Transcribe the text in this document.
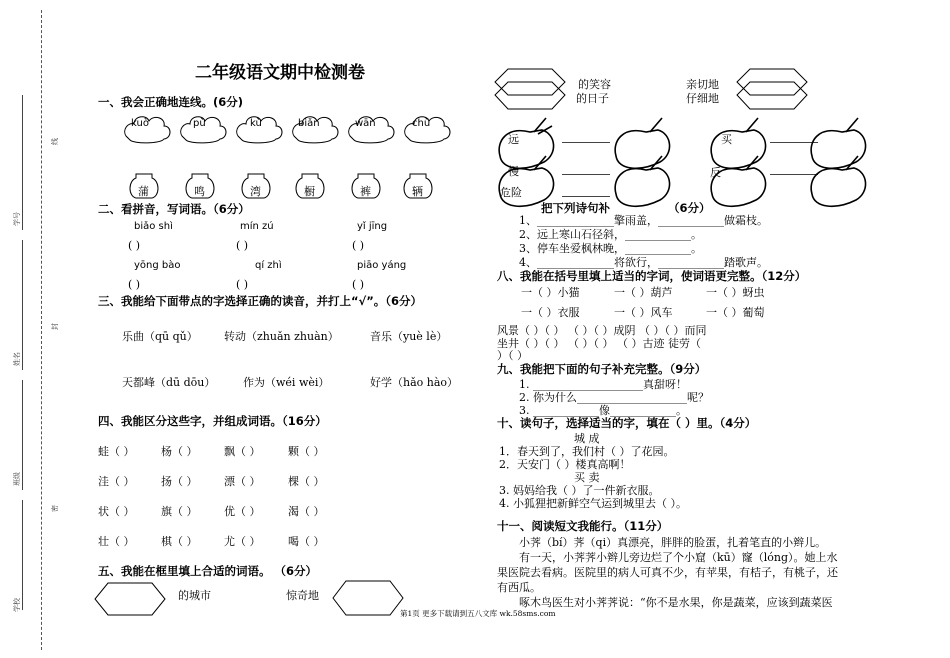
学号
姓名
班级
学校
线
封
密
二年级语文期中检测卷
一、我会正确地连线。(6分)
kuò	pù	kù	biǎn	wān	chū
蒲	鸣	湾	橱	裤	辆
二、看拼音，写词语。（6分）
biǎo shì	mín zú	yǐ jīng
( )	( )	( )
yōng bào	qí zhì	piāo yáng
( )	( )	( )
三、我能给下面带点的字选择正确的读音，并打上“√”。（6分）
乐曲（qū qǔ） 转动（zhuǎn zhuàn）	音乐（yuè lè）
天都峰（dū dōu）	作为（wéi wèi）	好学（hǎo hào）
四、我能区分这些字，并组成词语。（16分）
蛙（ ） 杨（ ） 飘（ ）	颗（ ）
洼（ ） 扬（ ） 漂（ ）	棵（ ）
状（ ） 旗（ ） 优（ ）	渴（ ）
壮（ ） 棋（ ） 尤（ ）	喝（ ）
五、我能在框里填上合适的词语。 （6分）
的城市	惊奇地
的笑容	亲切地
的日子	仔细地
远
慢
危险
买
反
把下列诗句补	（6分）
1、______________擎雨盖，____________做霜枝。
2、远上寒山石径斜，____________。
3、停车坐爱枫林晚，____________。
4、______________将欲行，____________踏歌声。
八、我能在括号里填上适当的字词，使词语更完整。（12分）
一（ ）小猫	一（ ）葫芦	一（ ）蚜虫
一（ ）衣服	一（ ）风车	一（ ）葡萄
风景（ ）（ ） （ ）（ ）成阴 （ ）（ ）而同
坐井（ ）（ ） （ ）（ ） （ ）古迹 徒劳（
）（ ）
九、我能把下面的句子补充完整。（9分）
1. ____________________真甜呀！
2. 你为什么____________________呢？
3. ____________像____________。
十、读句子，选择适当的字，填在（ ）里。（4分）
城 成
1．春天到了，我们村（ ）了花园。
2．天安门（ ）楼真高啊！
买 卖
3. 妈妈给我（ ）了一件新衣服。
4. 小狐狸把新鲜空气运到城里去（ ）。
十一、阅读短文我能行。（11分）
小荠（bí）荠（qi）真漂亮，胖胖的脸蛋，扎着笔直的小辫儿。
有一天，小荠荠小辫儿旁边烂了个小窟（kū）窿（lóng）。她上水
果医院去看病。医院里的病人可真不少，有苹果，有桔子，有桃子，还
有西瓜。
啄木鸟医生对小荠荠说：“你不是水果，你是蔬菜，应该到蔬菜医
第1页 更多下载请到五八文库 wk.58sms.com
